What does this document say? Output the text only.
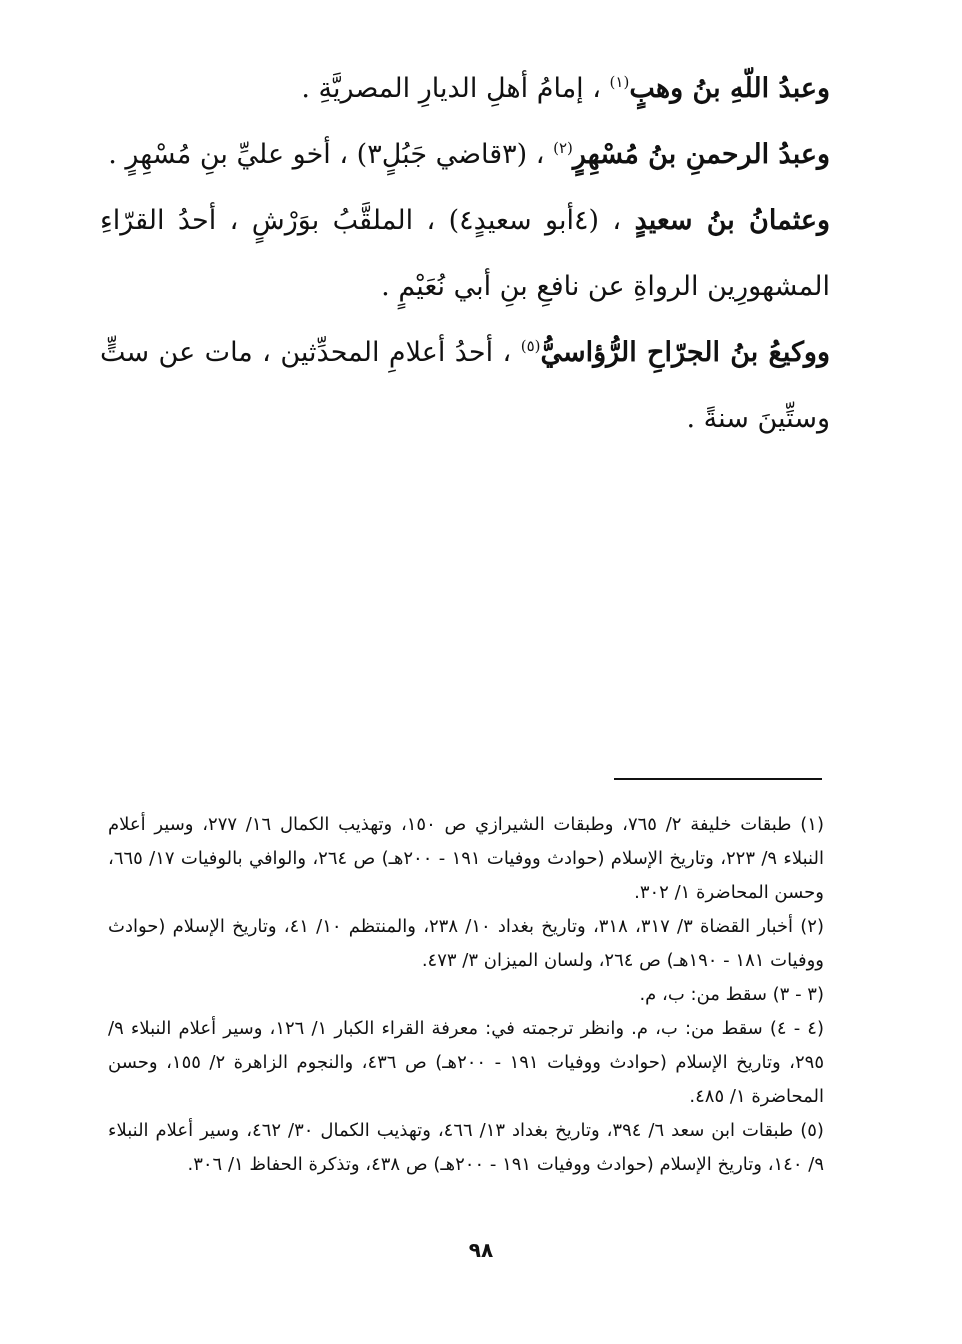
وعبدُ اللّهِ بنُ وهبٍ$^{(١)}$ ، إمامُ أهلِ الديارِ المصريَّةِ .

وعبدُ الرحمنِ بنُ مُسْهِرٍ$^{(٢)}$ ، (٣قاضي جَبُلٍ٣) ، أخو عليِّ بنِ مُسْهِرٍ .

وعثمانُ بنُ سعيدٍ ، (٤أبو سعيدٍ٤) ، الملقَّبُ بوَرْشٍ ، أحدُ القرّاءِ المشهورِين الرواةِ عن نافعِ بنِ أبي نُعَيْمٍ .

ووكيعُ بنُ الجرّاحِ الرُّؤاسيُّ$^{(٥)}$ ، أحدُ أعلامِ المحدِّثين ، مات عن ستٍّ وستِّينَ سنةً .

(١) طبقات خليفة ٢/ ٧٦٥، وطبقات الشيرازي ص ١٥٠، وتهذيب الكمال ١٦/ ٢٧٧، وسير أعلام النبلاء ٩/ ٢٢٣، وتاريخ الإسلام (حوادث ووفيات ١٩١ - ٢٠٠هـ) ص ٢٦٤، والوافي بالوفيات ١٧/ ٦٦٥، وحسن المحاضرة ١/ ٣٠٢.

(٢) أخبار القضاة ٣/ ٣١٧، ٣١٨، وتاريخ بغداد ١٠/ ٢٣٨، والمنتظم ١٠/ ٤١، وتاريخ الإسلام (حوادث ووفيات ١٨١ - ١٩٠هـ) ص ٢٦٤، ولسان الميزان ٣/ ٤٧٣.

(٣ - ٣) سقط من: ب، م.

(٤ - ٤) سقط من: ب، م. وانظر ترجمته في: معرفة القراء الكبار ١/ ١٢٦، وسير أعلام النبلاء ٩/ ٢٩٥، وتاريخ الإسلام (حوادث ووفيات ١٩١ - ٢٠٠هـ) ص ٤٣٦، والنجوم الزاهرة ٢/ ١٥٥، وحسن المحاضرة ١/ ٤٨٥.

(٥) طبقات ابن سعد ٦/ ٣٩٤، وتاريخ بغداد ١٣/ ٤٦٦، وتهذيب الكمال ٣٠/ ٤٦٢، وسير أعلام النبلاء ٩/ ١٤٠، وتاريخ الإسلام (حوادث ووفيات ١٩١ - ٢٠٠هـ) ص ٤٣٨، وتذكرة الحفاظ ١/ ٣٠٦.

٩٨
